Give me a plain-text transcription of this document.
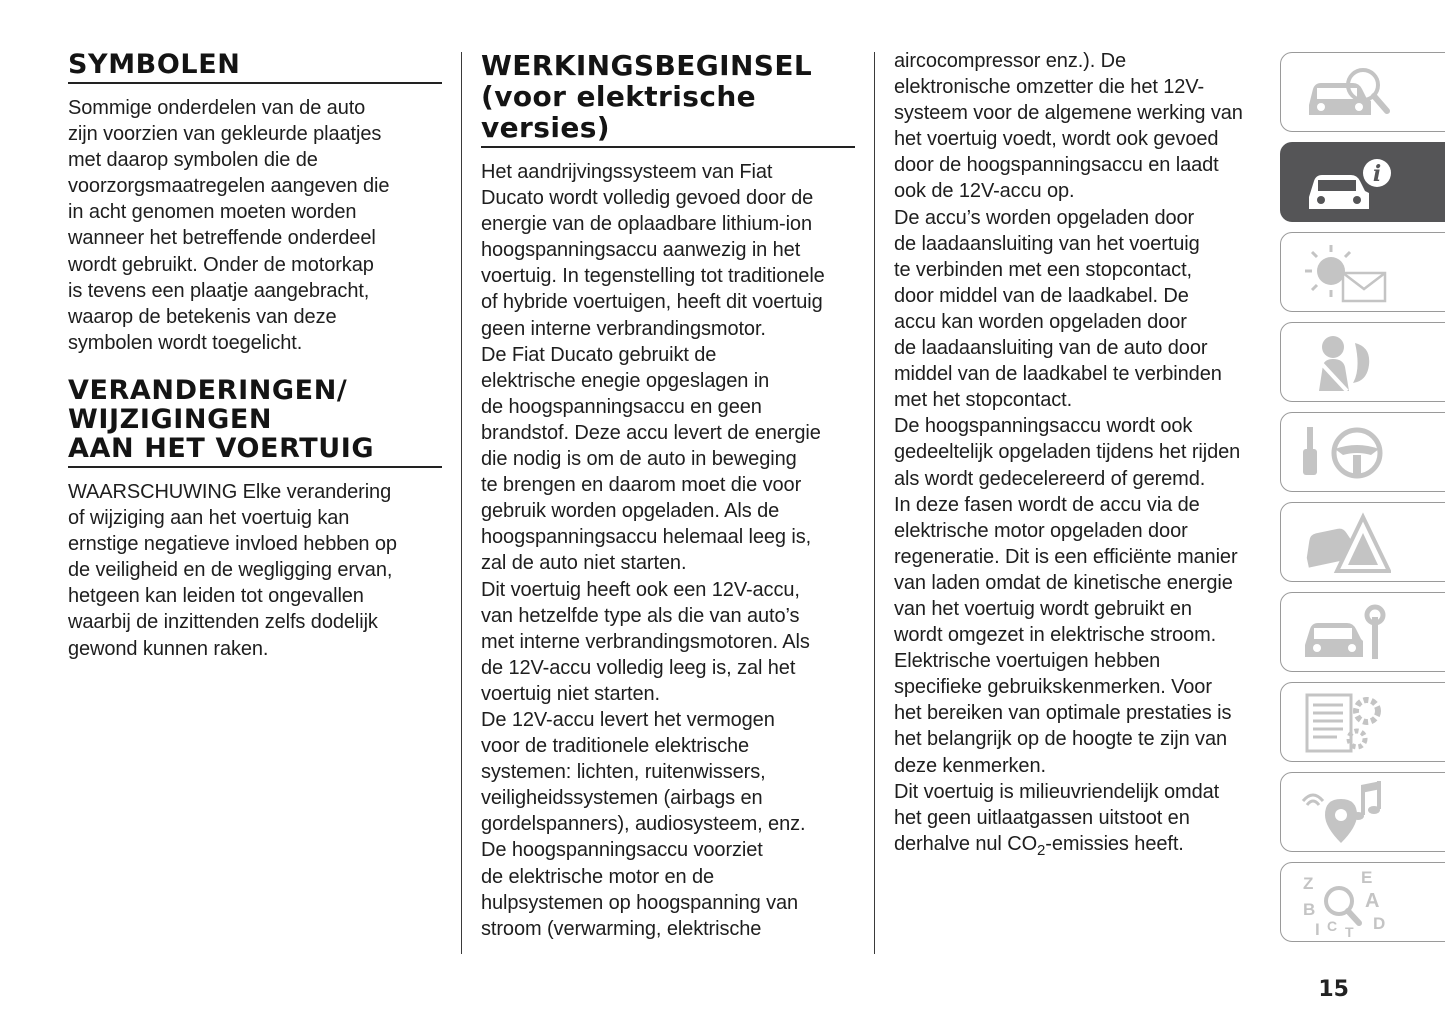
SYMBOLEN

Sommige onderdelen van de auto
zijn voorzien van gekleurde plaatjes
met daarop symbolen die de
voorzorgsmaatregelen aangeven die
in acht genomen moeten worden
wanneer het betreffende onderdeel
wordt gebruikt. Onder de motorkap
is tevens een plaatje aangebracht,
waarop de betekenis van deze
symbolen wordt toegelicht.

VERANDERINGEN/
WIJZIGINGEN
AAN HET VOERTUIG

WAARSCHUWING Elke verandering
of wijziging aan het voertuig kan
ernstige negatieve invloed hebben op
de veiligheid en de wegligging ervan,
hetgeen kan leiden tot ongevallen
waarbij de inzittenden zelfs dodelijk
gewond kunnen raken.

WERKINGSBEGINSEL
(voor elektrische
versies)

Het aandrijvingssysteem van Fiat
Ducato wordt volledig gevoed door de
energie van de oplaadbare lithium-ion
hoogspanningsaccu aanwezig in het
voertuig. In tegenstelling tot traditionele
of hybride voertuigen, heeft dit voertuig
geen interne verbrandingsmotor.
De Fiat Ducato gebruikt de
elektrische enegie opgeslagen in
de hoogspanningsaccu en geen
brandstof. Deze accu levert de energie
die nodig is om de auto in beweging
te brengen en daarom moet die voor
gebruik worden opgeladen. Als de
hoogspanningsaccu helemaal leeg is,
zal de auto niet starten.
Dit voertuig heeft ook een 12V-accu,
van hetzelfde type als die van auto’s
met interne verbrandingsmotoren. Als
de 12V-accu volledig leeg is, zal het
voertuig niet starten.
De 12V-accu levert het vermogen
voor de traditionele elektrische
systemen: lichten, ruitenwissers,
veiligheidssystemen (airbags en
gordelspanners), audiosysteem, enz.
De hoogspanningsaccu voorziet
de elektrische motor en de
hulpsystemen op hoogspanning van
stroom (verwarming, elektrische

aircocompressor enz.). De
elektronische omzetter die het 12V-
systeem voor de algemene werking van
het voertuig voedt, wordt ook gevoed
door de hoogspanningsaccu en laadt
ook de 12V-accu op.
De accu’s worden opgeladen door
de laadaansluiting van het voertuig
te verbinden met een stopcontact,
door middel van de laadkabel. De
accu kan worden opgeladen door
de laadaansluiting van de auto door
middel van de laadkabel te verbinden
met het stopcontact.
De hoogspanningsaccu wordt ook
gedeeltelijk opgeladen tijdens het rijden
als wordt gedecelereerd of geremd.
In deze fasen wordt de accu via de
elektrische motor opgeladen door
regeneratie. Dit is een efficiënte manier
van laden omdat de kinetische energie
van het voertuig wordt gebruikt en
wordt omgezet in elektrische stroom.
Elektrische voertuigen hebben
specifieke gebruikskenmerken. Voor
het bereiken van optimale prestaties is
het belangrijk op de hoogte te zijn van
deze kenmerken.
Dit voertuig is milieuvriendelijk omdat
het geen uitlaatgassen uitstoot en
derhalve nul $CO_2$-emissies heeft.

i
Z	E
B A
I C T D
15
